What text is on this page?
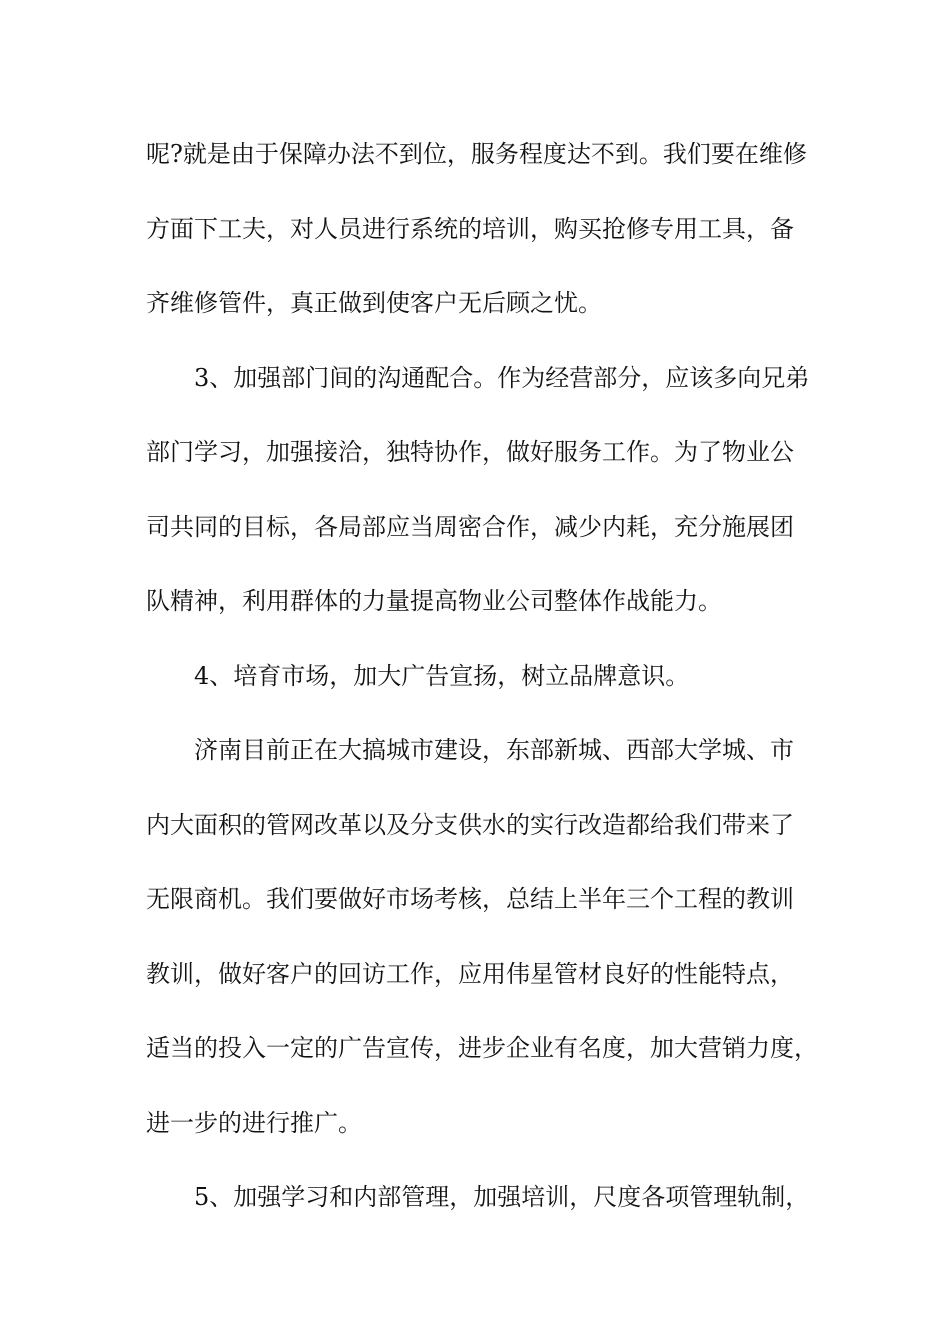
呢?就是由于保障办法不到位，服务程度达不到。我们要在维修
方面下工夫，对人员进行系统的培训，购买抢修专用工具，备
齐维修管件，真正做到使客户无后顾之忧。
3、加强部门间的沟通配合。作为经营部分，应该多向兄弟
部门学习，加强接洽，独特协作，做好服务工作。为了物业公
司共同的目标，各局部应当周密合作，减少内耗，充分施展团
队精神，利用群体的力量提高物业公司整体作战能力。
4、培育市场，加大广告宣扬，树立品牌意识。
济南目前正在大搞城市建设，东部新城、西部大学城、市
内大面积的管网改革以及分支供水的实行改造都给我们带来了
无限商机。我们要做好市场考核，总结上半年三个工程的教训
教训，做好客户的回访工作，应用伟星管材良好的性能特点，
适当的投入一定的广告宣传，进步企业有名度，加大营销力度，
进一步的进行推广。
5、加强学习和内部管理，加强培训，尺度各项管理轨制，
